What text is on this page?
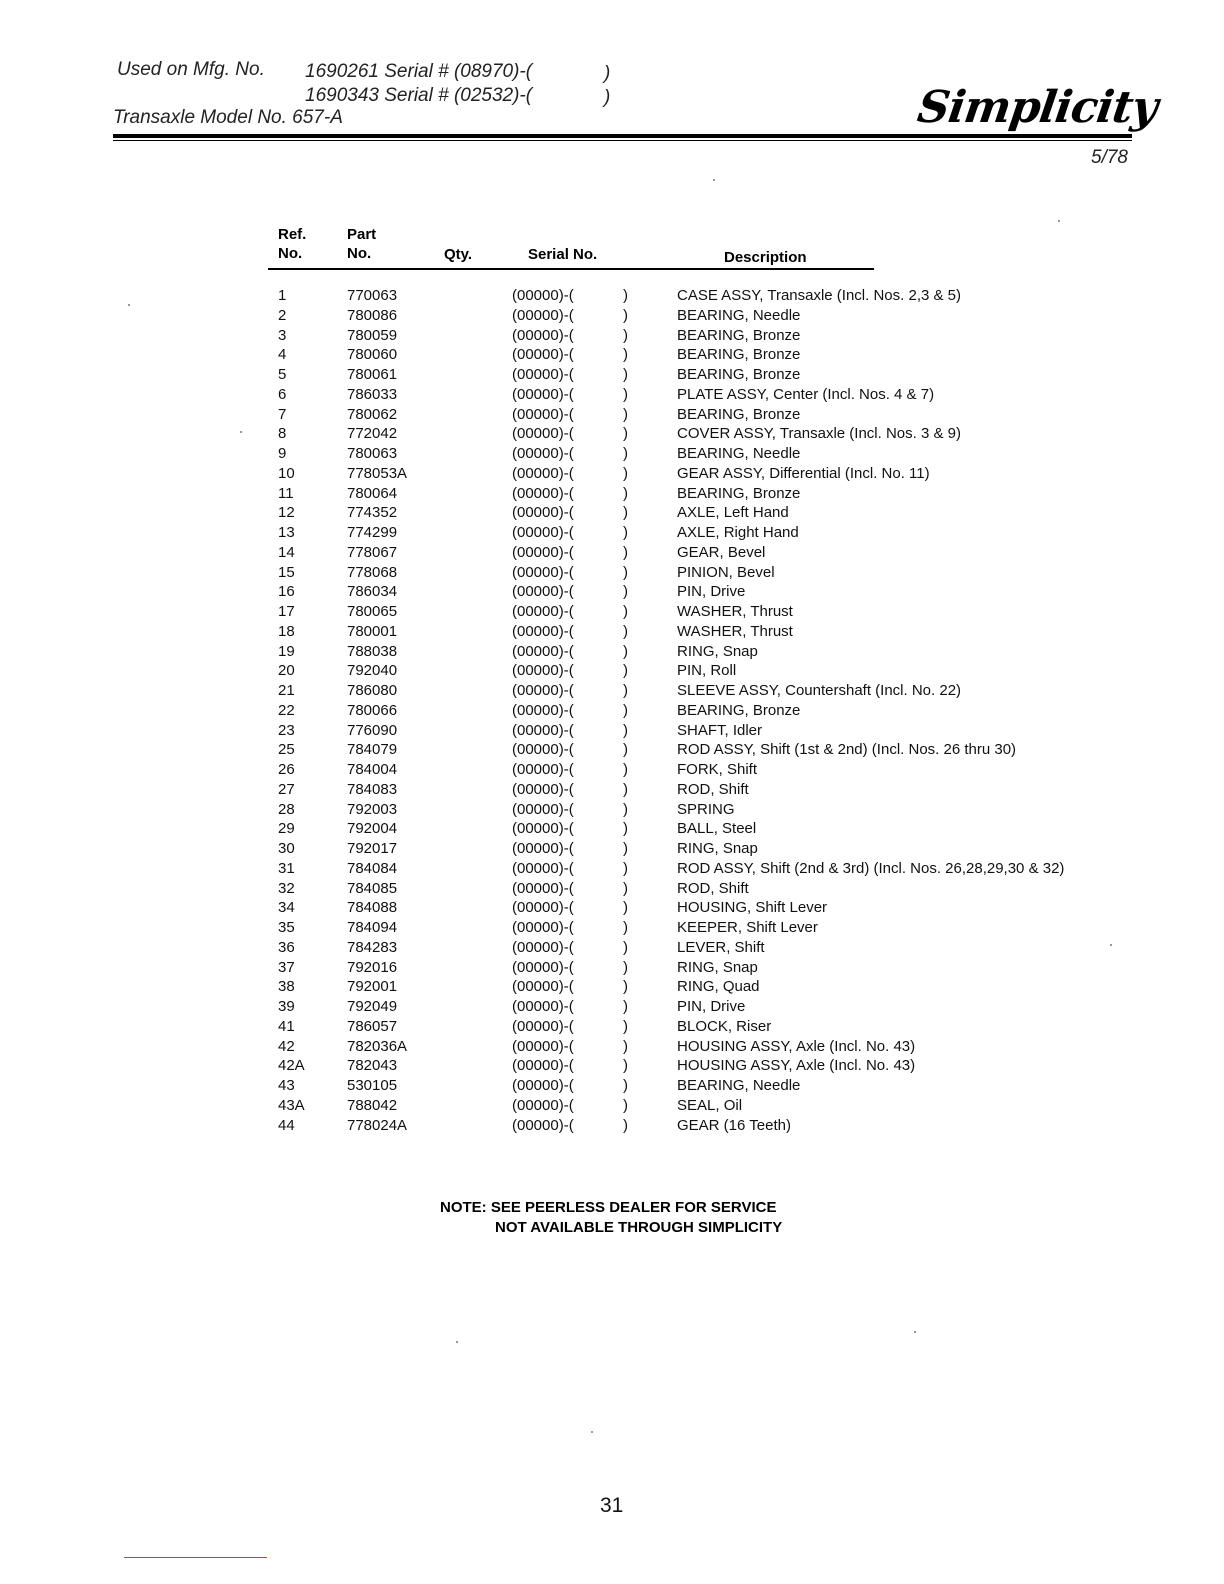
Used on Mfg. No. 1690261 Serial # (08970)-(	)
1690343 Serial # (02532)-(	)
Transaxle Model No. 657-A	Simplicity
5/78
Ref.
No.
Part
No.	Qty.	Serial No.	Description
1	770063	(00000)-(	)	CASE ASSY, Transaxle (Incl. Nos. 2,3 & 5)
2	780086	(00000)-(	)	BEARING, Needle
3	780059	(00000)-(	)	BEARING, Bronze
4	780060	(00000)-(	)	BEARING, Bronze
5	780061	(00000)-(	)	BEARING, Bronze
6	786033	(00000)-(	)	PLATE ASSY, Center (Incl. Nos. 4 & 7)
7	780062	(00000)-(	)	BEARING, Bronze
8	772042	(00000)-(	)	COVER ASSY, Transaxle (Incl. Nos. 3 & 9)
9	780063	(00000)-(	)	BEARING, Needle
10	778053A	(00000)-(	)	GEAR ASSY, Differential (Incl. No. 11)
11	780064	(00000)-(	)	BEARING, Bronze
12	774352	(00000)-(	)	AXLE, Left Hand
13	774299	(00000)-(	)	AXLE, Right Hand
14	778067	(00000)-(	)	GEAR, Bevel
15	778068	(00000)-(	)	PINION, Bevel
16	786034	(00000)-(	)	PIN, Drive
17	780065	(00000)-(	)	WASHER, Thrust
18	780001	(00000)-(	)	WASHER, Thrust
19	788038	(00000)-(	)	RING, Snap
20	792040	(00000)-(	)	PIN, Roll
21	786080	(00000)-(	)	SLEEVE ASSY, Countershaft (Incl. No. 22)
22	780066	(00000)-(	)	BEARING, Bronze
23	776090	(00000)-(	)	SHAFT, Idler
25	784079	(00000)-(	)	ROD ASSY, Shift (1st & 2nd) (Incl. Nos. 26 thru 30)
26	784004	(00000)-(	)	FORK, Shift
27	784083	(00000)-(	)	ROD, Shift
28	792003	(00000)-(	)	SPRING
29	792004	(00000)-(	)	BALL, Steel
30	792017	(00000)-(	)	RING, Snap
31	784084	(00000)-(	)	ROD ASSY, Shift (2nd & 3rd) (Incl. Nos. 26,28,29,30 & 32)
32	784085	(00000)-(	)	ROD, Shift
34	784088	(00000)-(	)	HOUSING, Shift Lever
35	784094	(00000)-(	)	KEEPER, Shift Lever
36	784283	(00000)-(	)	LEVER, Shift
37	792016	(00000)-(	)	RING, Snap
38	792001	(00000)-(	)	RING, Quad
39	792049	(00000)-(	)	PIN, Drive
41	786057	(00000)-(	)	BLOCK, Riser
42	782036A	(00000)-(	)	HOUSING ASSY, Axle (Incl. No. 43)
42A	782043	(00000)-(	)	HOUSING ASSY, Axle (Incl. No. 43)
43	530105	(00000)-(	)	BEARING, Needle
43A	788042	(00000)-(	)	SEAL, Oil
44	778024A	(00000)-(	)	GEAR (16 Teeth)
NOTE: SEE PEERLESS DEALER FOR SERVICE
NOT AVAILABLE THROUGH SIMPLICITY
31
